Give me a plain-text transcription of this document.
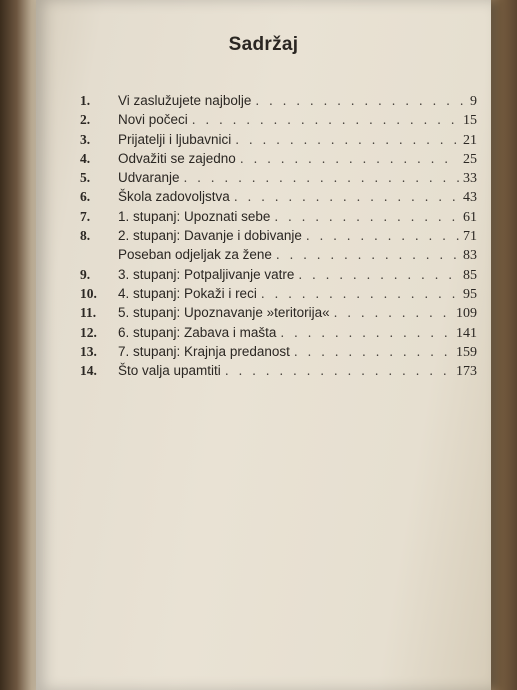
Sadržaj
1.	Vi zaslužujete najbolje . . .	9
2.	Novi počeci . . .	15
3.	Prijatelji i ljubavnici . . .	21
4.	Odvažiti se zajedno . . .	25
5.	Udvaranje . . .	33
6.	Škola zadovoljstva . . .	43
7.	1. stupanj: Upoznati sebe . . .	61
8.	2. stupanj: Davanje i dobivanje . . .	71
Poseban odjeljak za žene . . .	83
9.	3. stupanj: Potpaljivanje vatre . . .	85
10.	4. stupanj: Pokaži i reci . . .	95
11.	5. stupanj: Upoznavanje »teritorija« . . .	109
12.	6. stupanj: Zabava i mašta . . .	141
13.	7. stupanj: Krajnja predanost . . .	159
14.	Što valja upamtiti . . .	173
